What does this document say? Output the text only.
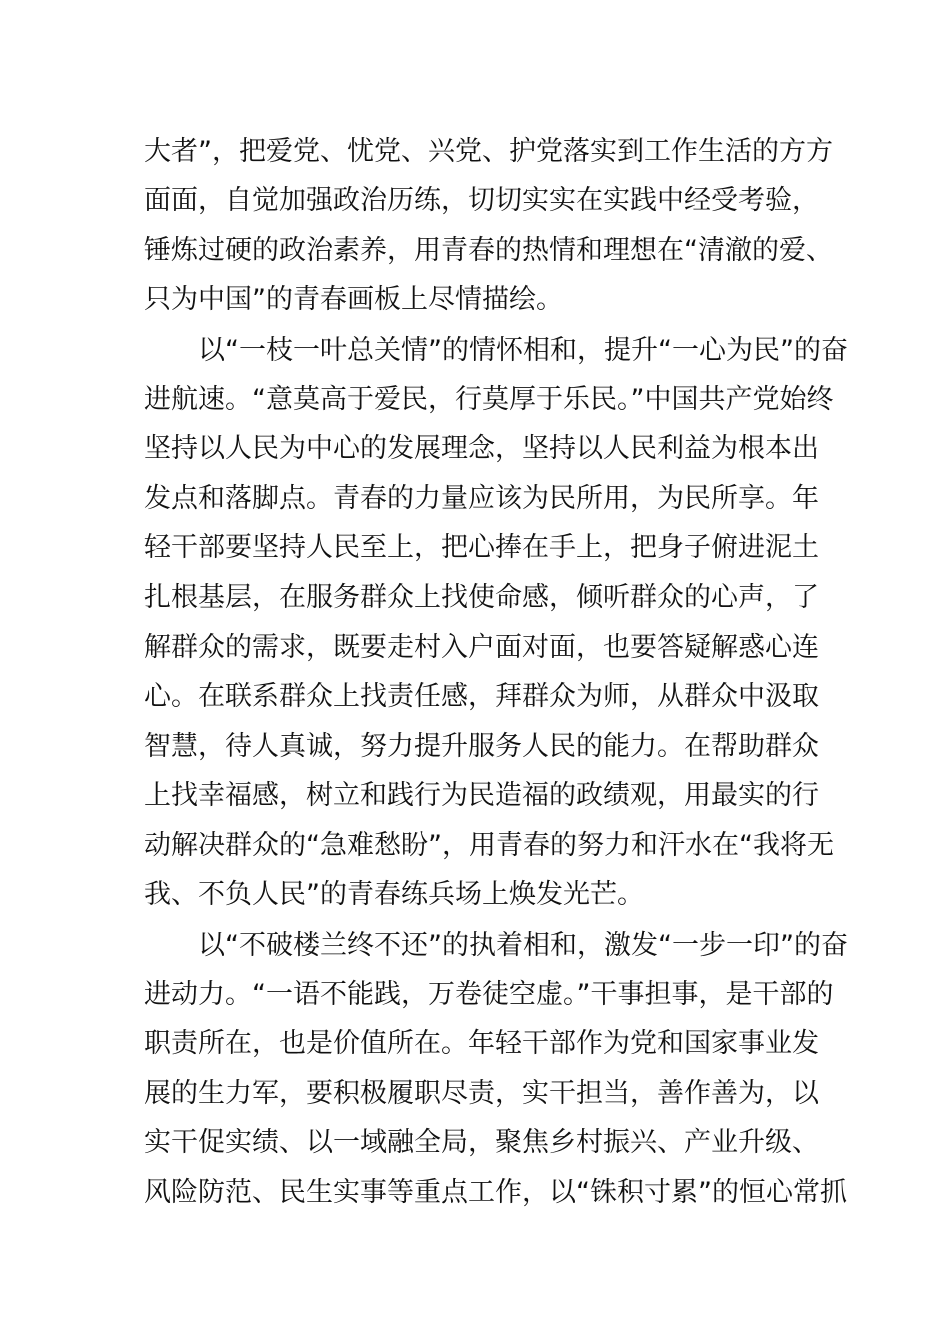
大者”，把爱党、忧党、兴党、护党落实到工作生活的方方
面面，自觉加强政治历练，切切实实在实践中经受考验，
锤炼过硬的政治素养，用青春的热情和理想在“清澈的爱、
只为中国”的青春画板上尽情描绘。
以“一枝一叶总关情”的情怀相和，提升“一心为民”的奋
进航速。“意莫高于爱民，行莫厚于乐民。”中国共产党始终
坚持以人民为中心的发展理念，坚持以人民利益为根本出
发点和落脚点。青春的力量应该为民所用，为民所享。年
轻干部要坚持人民至上，把心捧在手上，把身子俯进泥土
扎根基层，在服务群众上找使命感，倾听群众的心声，了
解群众的需求，既要走村入户面对面，也要答疑解惑心连
心。在联系群众上找责任感，拜群众为师，从群众中汲取
智慧，待人真诚，努力提升服务人民的能力。在帮助群众
上找幸福感，树立和践行为民造福的政绩观，用最实的行
动解决群众的“急难愁盼”，用青春的努力和汗水在“我将无
我、不负人民”的青春练兵场上焕发光芒。
以“不破楼兰终不还”的执着相和，激发“一步一印”的奋
进动力。“一语不能践，万卷徒空虚。”干事担事，是干部的
职责所在，也是价值所在。年轻干部作为党和国家事业发
展的生力军，要积极履职尽责，实干担当，善作善为，以
实干促实绩、以一域融全局，聚焦乡村振兴、产业升级、
风险防范、民生实事等重点工作，以“铢积寸累”的恒心常抓
